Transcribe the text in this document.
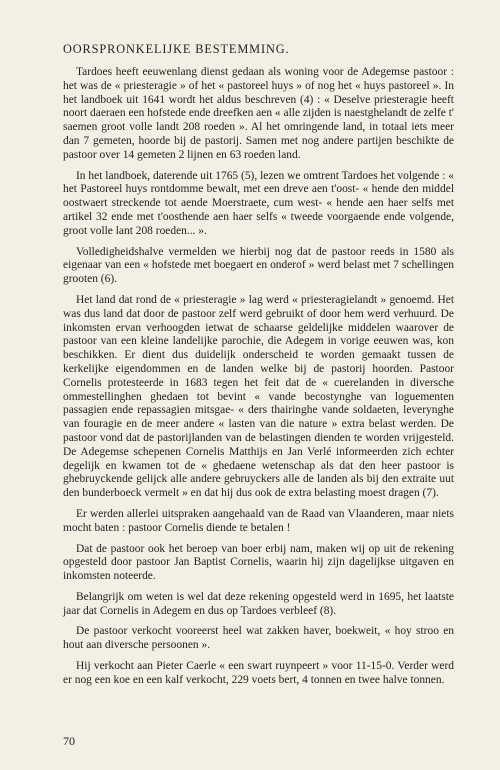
OORSPRONKELIJKE BESTEMMING.

Tardoes heeft eeuwenlang dienst gedaan als woning voor de Adegemse pastoor : het was de « priesteragie » of het « pastoreel huys » of nog het « huys pastoreel ». In het landboek uit 1641 wordt het aldus beschreven (4) : « Deselve priesteragie heeft noort daeraen een hofstede ende dreefken aen « alle zijden is naestghelandt de zelfe t' saemen groot volle landt 208 roeden ». Al het omringende land, in totaal iets meer dan 7 gemeten, hoorde bij de pastorij. Samen met nog andere partijen beschikte de pastoor over 14 gemeten 2 lijnen en 63 roeden land.

In het landboek, daterende uit 1765 (5), lezen we omtrent Tardoes het volgende : « het Pastoreel huys rontdomme bewalt, met een dreve aen t'oost- « hende den middel oostwaert streckende tot aende Moerstraete, cum west- « hende aen haer selfs met artikel 32 ende met t'oosthende aen haer selfs « tweede voorgaende ende volgende, groot volle lant 208 roeden... ».

Volledigheidshalve vermelden we hierbij nog dat de pastoor reeds in 1580 als eigenaar van een « hofstede met boegaert en onderof » werd belast met 7 schellingen grooten (6).

Het land dat rond de « priesteragie » lag werd « priesteragielandt » genoemd. Het was dus land dat door de pastoor zelf werd gebruikt of door hem werd verhuurd. De inkomsten ervan verhoogden ietwat de schaarse geldelijke middelen waarover de pastoor van een kleine landelijke parochie, die Adegem in vorige eeuwen was, kon beschikken. Er dient dus duidelijk onderscheid te worden gemaakt tussen de kerkelijke eigendommen en de landen welke bij de pastorij hoorden. Pastoor Cornelis protesteerde in 1683 tegen het feit dat de « cuerelanden in diversche ommestellinghen ghedaen tot bevint « vande becostynghe van loguementen passagien ende repassagien mitsgae- « ders thairinghe vande soldaeten, leverynghe van fouragie en de meer andere « lasten van die nature » extra belast werden. De pastoor vond dat de pastorijlanden van de belastingen dienden te worden vrijgesteld. De Adegemse schepenen Cornelis Matthijs en Jan Verlé informeerden zich echter degelijk en kwamen tot de « ghedaene wetenschap als dat den heer pastoor is ghebruyckende gelijck alle andere gebruyckers alle de landen als bij den extraite uut den bunderboeck vermelt » en dat hij dus ook de extra belasting moest dragen (7).

Er werden allerlei uitspraken aangehaald van de Raad van Vlaanderen, maar niets mocht baten : pastoor Cornelis diende te betalen !

Dat de pastoor ook het beroep van boer erbij nam, maken wij op uit de rekening opgesteld door pastoor Jan Baptist Cornelis, waarin hij zijn dagelijkse uitgaven en inkomsten noteerde.

Belangrijk om weten is wel dat deze rekening opgesteld werd in 1695, het laatste jaar dat Cornelis in Adegem en dus op Tardoes verbleef (8).

De pastoor verkocht vooreerst heel wat zakken haver, boekweit, « hoy stroo en hout aan diversche persoonen ».

Hij verkocht aan Pieter Caerle « een swart ruynpeert » voor 11-15-0. Verder werd er nog een koe en een kalf verkocht, 229 voets bert, 4 tonnen en twee halve tonnen.

70
